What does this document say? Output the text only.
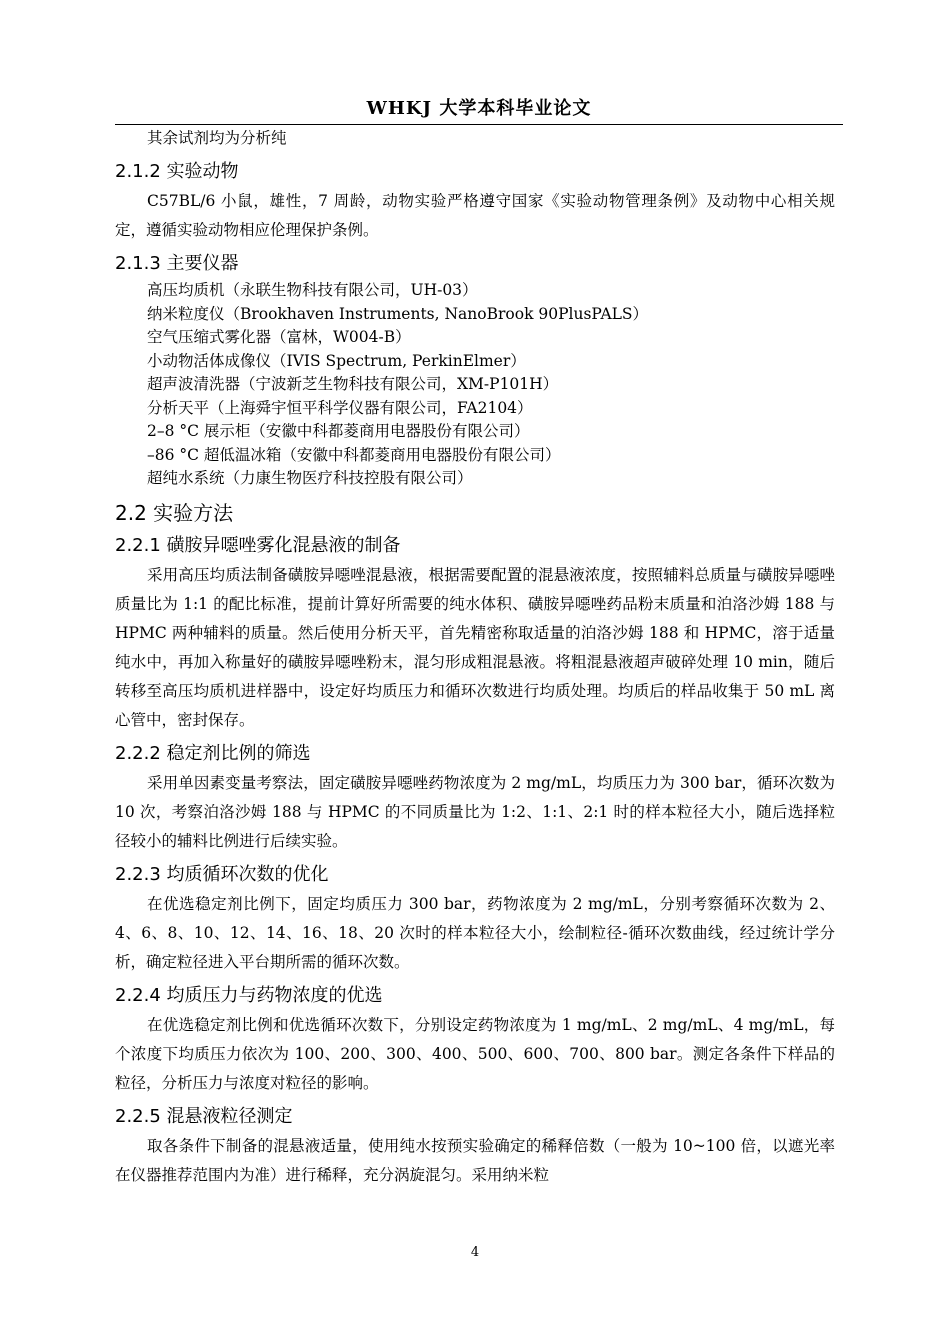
WHKJ 大学本科毕业论文

其余试剂均为分析纯

2.1.2 实验动物

C57BL/6 小鼠，雄性，7 周龄，动物实验严格遵守国家《实验动物管理条例》及动物中心相关规定，遵循实验动物相应伦理保护条例。

2.1.3 主要仪器
高压均质机（永联生物科技有限公司，UH-03）
纳米粒度仪（Brookhaven Instruments, NanoBrook 90PlusPALS）
空气压缩式雾化器（富林，W004-B）
小动物活体成像仪（IVIS Spectrum, PerkinElmer）
超声波清洗器（宁波新芝生物科技有限公司，XM-P101H）
分析天平（上海舜宇恒平科学仪器有限公司，FA2104）
2–8 °C 展示柜（安徽中科都菱商用电器股份有限公司）
–86 °C 超低温冰箱（安徽中科都菱商用电器股份有限公司）
超纯水系统（力康生物医疗科技控股有限公司）
2.2 实验方法
2.2.1 磺胺异噁唑雾化混悬液的制备

采用高压均质法制备磺胺异噁唑混悬液，根据需要配置的混悬液浓度，按照辅料总质量与磺胺异噁唑质量比为 1:1 的配比标准，提前计算好所需要的纯水体积、磺胺异噁唑药品粉末质量和泊洛沙姆 188 与 HPMC 两种辅料的质量。然后使用分析天平，首先精密称取适量的泊洛沙姆 188 和 HPMC，溶于适量纯水中，再加入称量好的磺胺异噁唑粉末，混匀形成粗混悬液。将粗混悬液超声破碎处理 10 min，随后转移至高压均质机进样器中，设定好均质压力和循环次数进行均质处理。均质后的样品收集于 50 mL 离心管中，密封保存。

2.2.2 稳定剂比例的筛选

采用单因素变量考察法，固定磺胺异噁唑药物浓度为 2 mg/mL，均质压力为 300 bar，循环次数为 10 次，考察泊洛沙姆 188 与 HPMC 的不同质量比为 1:2、1:1、2:1 时的样本粒径大小，随后选择粒径较小的辅料比例进行后续实验。

2.2.3 均质循环次数的优化

在优选稳定剂比例下，固定均质压力 300 bar，药物浓度为 2 mg/mL，分别考察循环次数为 2、4、6、8、10、12、14、16、18、20 次时的样本粒径大小，绘制粒径-循环次数曲线，经过统计学分析，确定粒径进入平台期所需的循环次数。

2.2.4 均质压力与药物浓度的优选

在优选稳定剂比例和优选循环次数下，分别设定药物浓度为 1 mg/mL、2 mg/mL、4 mg/mL，每个浓度下均质压力依次为 100、200、300、400、500、600、700、800 bar。测定各条件下样品的粒径，分析压力与浓度对粒径的影响。

2.2.5 混悬液粒径测定

取各条件下制备的混悬液适量，使用纯水按预实验确定的稀释倍数（一般为 10~100 倍，以遮光率在仪器推荐范围内为准）进行稀释，充分涡旋混匀。采用纳米粒

4
